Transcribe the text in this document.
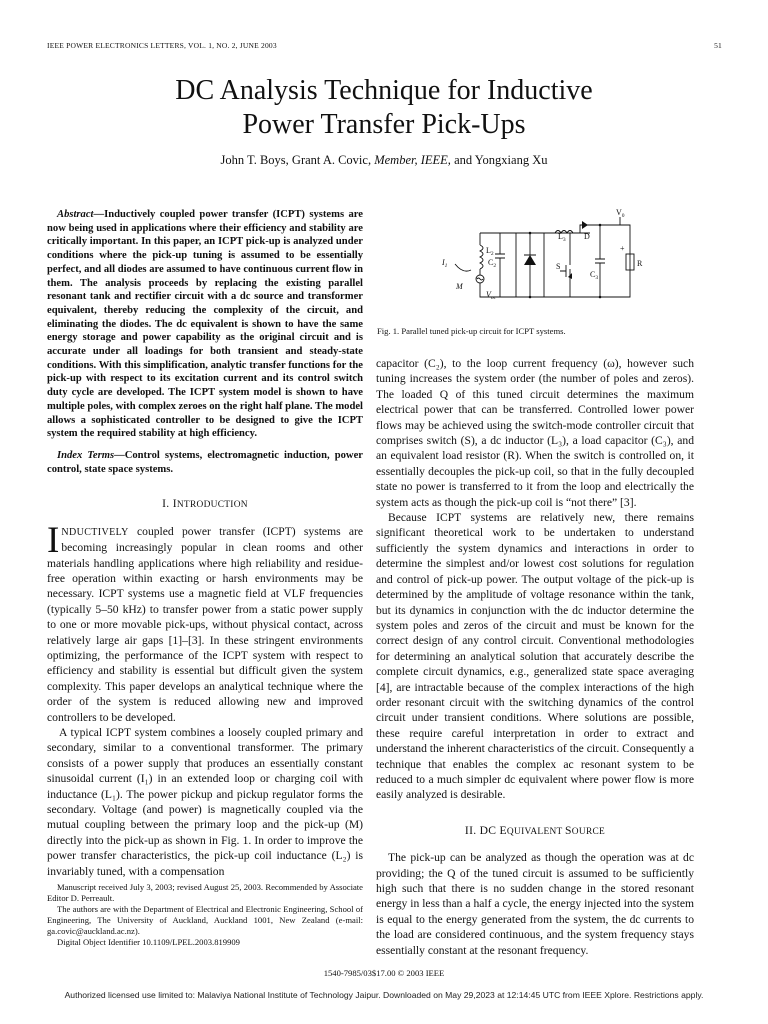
IEEE POWER ELECTRONICS LETTERS, VOL. 1, NO. 2, JUNE 2003	51
DC Analysis Technique for Inductive
Power Transfer Pick-Ups
John T. Boys, Grant A. Covic, Member, IEEE, and Yongxiang Xu

Abstract—Inductively coupled power transfer (ICPT) systems are now being used in applications where their efficiency and stability are critically important. In this paper, an ICPT pick-up is analyzed under conditions where the pick-up tuning is assumed to be essentially perfect, and all diodes are assumed to have continuous current flow in them. The analysis proceeds by replacing the existing parallel resonant tank and rectifier circuit with a dc source and transformer equivalent, thereby reducing the complexity of the circuit, and eliminating the diodes. The dc equivalent is shown to have the same energy storage and power capability as the original circuit and is accurate under all loadings for both transient and steady-state conditions. With this simplification, analytic transfer functions for the pick-up with respect to its excitation current and its control switch duty cycle are developed. The ICPT system model is shown to have multiple poles, with complex zeroes on the right half plane. The model allows a sophisticated controller to be designed to give the ICPT system the required stability at high efficiency.

Index Terms—Control systems, electromagnetic induction, power control, state space systems.

I. INTRODUCTION

INDUCTIVELY coupled power transfer (ICPT) systems are becoming increasingly popular in clean rooms and other materials handling applications where high reliability and residue-free operation within exacting or harsh environments may be necessary. ICPT systems use a magnetic field at VLF frequencies (typically 5–50 kHz) to transfer power from a static power supply to one or more movable pick-ups, without physical contact, across relatively large air gaps [1]–[3]. In these stringent environments optimizing, the performance of the ICPT system with respect to efficiency and stability is essential but difficult given the system complexity. This paper develops an analytical technique where the order of the system is reduced allowing new and improved controllers to be developed.

A typical ICPT system combines a loosely coupled primary and secondary, similar to a conventional transformer. The primary consists of a power supply that produces an essentially constant sinusoidal current (I₁) in an extended loop or charging coil with inductance (L₁). The power pickup and pickup regulator forms the secondary. Voltage (and power) is magnetically coupled via the mutual coupling between the primary loop and the pick-up (M) directly into the pick-up as shown in Fig. 1. In order to improve the power transfer characteristics, the pick-up coil inductance (L₂) is invariably tuned, with a compensation

Manuscript received July 3, 2003; revised August 25, 2003. Recommended by Associate Editor D. Perreault.

The authors are with the Department of Electrical and Electronic Engineering, School of Engineering, The University of Auckland, Auckland 1001, New Zealand (e-mail: ga.covic@auckland.ac.nz).

Digital Object Identifier 10.1109/LPEL.2003.819909

$I_1$
$L_2$
$C_2$
M
$V_{oc}$
$L_3$ D
S
$C_3$
R
$V_0$
+
Fig. 1. Parallel tuned pick-up circuit for ICPT systems.

capacitor (C₂), to the loop current frequency (ω), however such tuning increases the system order (the number of poles and zeros). The loaded Q of this tuned circuit determines the maximum electrical power that can be transferred. Controlled lower power flows may be achieved using the switch-mode controller circuit that comprises switch (S), a dc inductor (L₃), a load capacitor (C₃), and an equivalent load resistor (R). When the switch is controlled on, it essentially decouples the pick-up coil, so that in the fully decoupled state no power is transferred to it from the loop and electrically the system acts as though the pick-up coil is “not there” [3].

Because ICPT systems are relatively new, there remains significant theoretical work to be undertaken to understand sufficiently the system dynamics and interactions in order to determine the simplest and/or lowest cost solutions for regulation and control of pick-up power. The output voltage of the pick-up is determined by the amplitude of voltage resonance within the tank, but its dynamics in conjunction with the dc inductor determine the system poles and zeros of the circuit and must be known for the correct design of any control circuit. Conventional methodologies for determining an analytical solution that accurately describe the complete circuit dynamics, e.g., generalized state space averaging [4], are intractable because of the complex interactions of the high order resonant circuit with the switching dynamics of the control circuit under transient conditions. Where solutions are possible, these require careful interpretation in order to extract and understand the inherent characteristics of the circuit. Consequently a technique that enables the complex ac resonant system to be reduced to a much simpler dc equivalent where power flow is more easily analyzed is desirable.

II. DC EQUIVALENT SOURCE

The pick-up can be analyzed as though the operation was at dc providing; the Q of the tuned circuit is assumed to be sufficiently high such that there is no sudden change in the stored resonant energy in less than a half a cycle, the energy injected into the system is equal to the energy generated from the system, the dc currents to the load are considered continuous, and the system frequency stays essentially constant at the resonant frequency.

1540-7985/03$17.00 © 2003 IEEE
Authorized licensed use limited to: Malaviya National Institute of Technology Jaipur. Downloaded on May 29,2023 at 12:14:45 UTC from IEEE Xplore. Restrictions apply.
